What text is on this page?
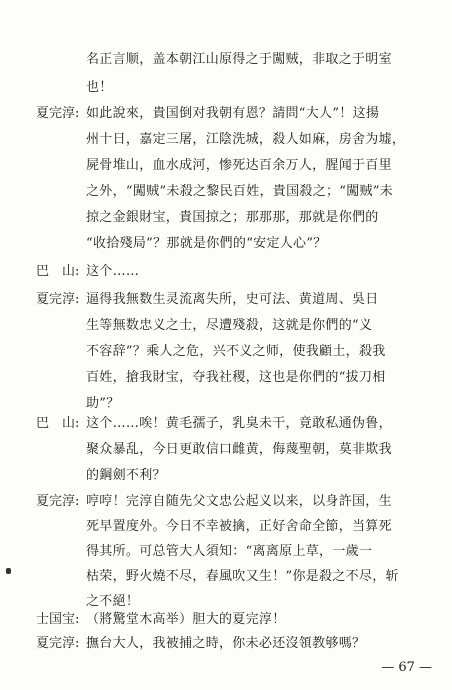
名正言顺，盖本朝江山原得之于闖贼，非取之于明室
也！
夏完淳: 如此說來，貴国倒对我朝有恩？請問“大人”！这揚
州十日，嘉定三屠，江陰洗城，殺人如麻，房舍为墟，
屍骨堆山，血水成河，惨死达百余万人，腥闻于百里
之外，“闖贼”未殺之黎民百姓，貴国殺之；“闖贼”未
掠之金銀財宝，貴国掠之；那那那，那就是你們的
“收拾殘局”？那就是你們的“安定人心”？
巴　山: 这个……
夏完淳: 逼得我無数生灵流离失所，史可法、黄道周、吳日
生等無数忠义之士，尽遭殘殺，这就是你們的“义
不容辞”？乘人之危，兴不义之师，使我顧土，殺我
百姓，搶我財宝，夺我社稷，这也是你們的“拔刀相
助”？
巴　山: 这个……唉！黄毛孺子，乳臭未干，竟敢私通伪鲁，
聚众暴乱，今日更敢信口雌黄，侮蔑聖朝，莫非欺我
的鋼劍不利？
夏完淳: 哼哼！完淳自随先父文忠公起义以来，以身許国，生
死早置度外。今日不幸被擒，正好舍命全節，当算死
得其所。可总管大人須知：“离离原上草，一歲一
枯荣，野火燒不尽，春風吹又生！”你是殺之不尽，斩
之不絕！
士国宝: （將驚堂木高举）胆大的夏完淳！
夏完淳: 撫台大人，我被捕之時，你未必还沒領教够嗎？
— 67 —
